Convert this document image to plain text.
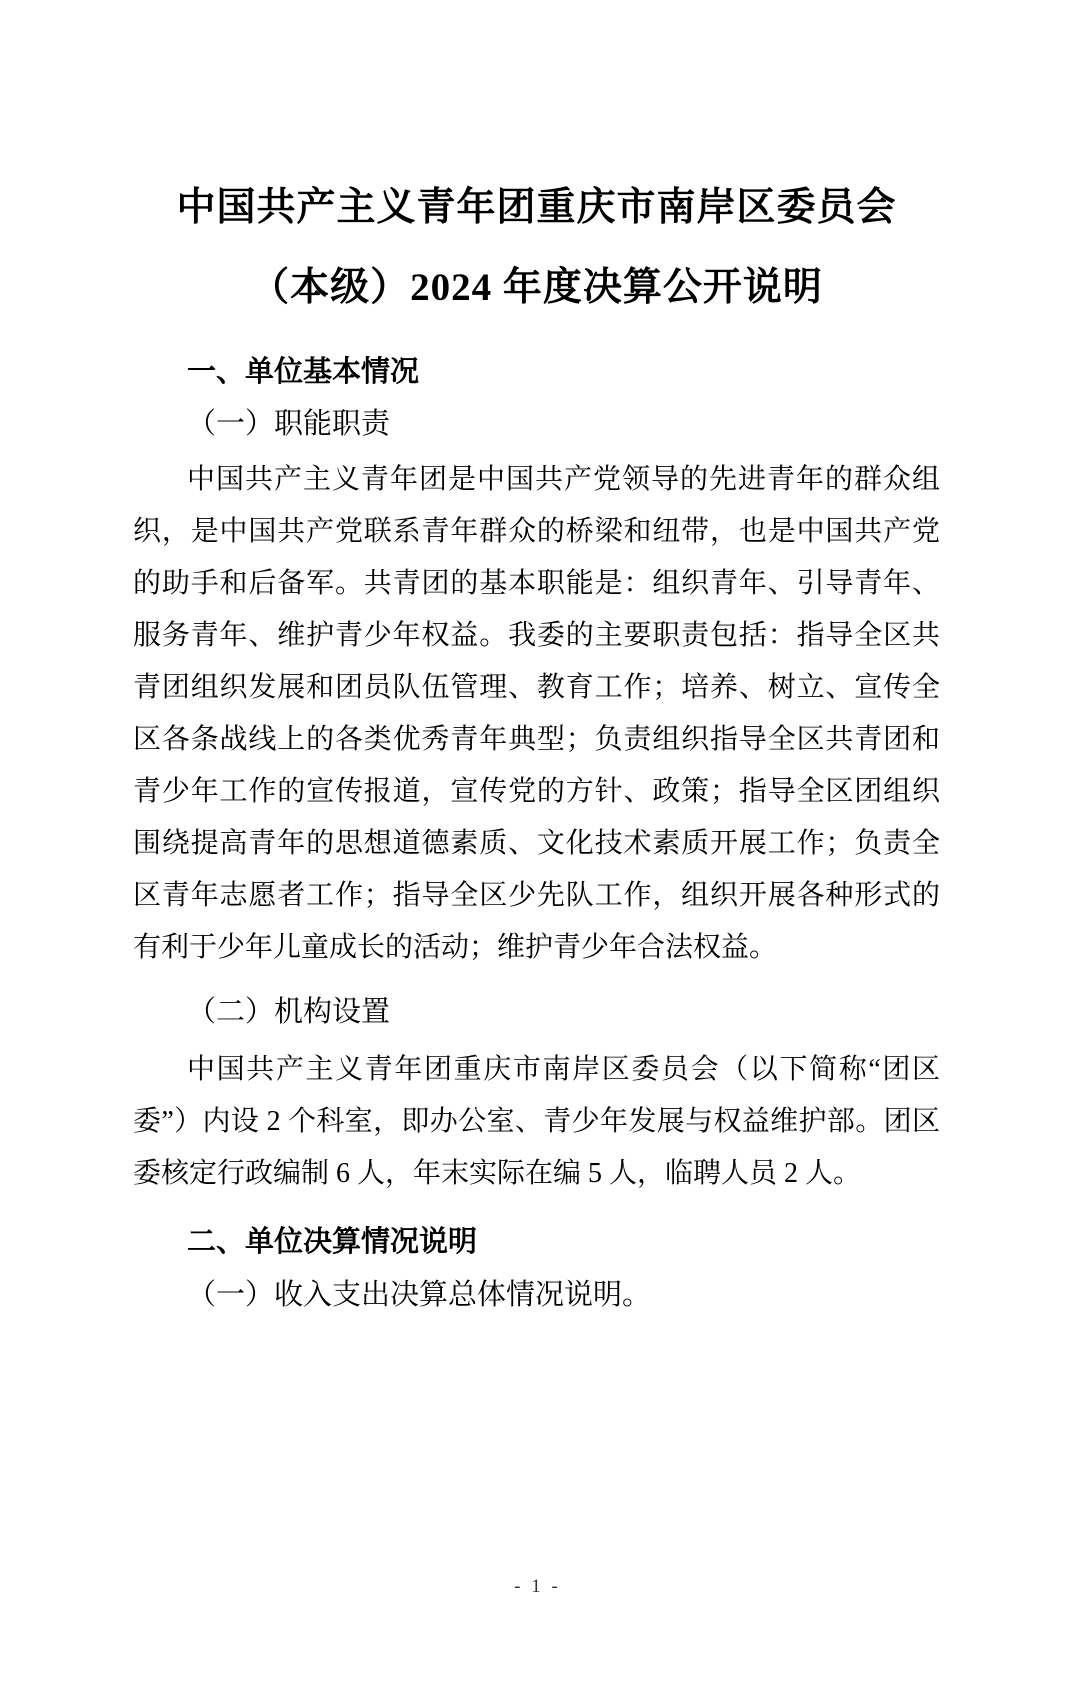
中国共产主义青年团重庆市南岸区委员会
（本级）2024 年度决算公开说明
一、单位基本情况
（一）职能职责
中国共产主义青年团是中国共产党领导的先进青年的群众组
织，是中国共产党联系青年群众的桥梁和纽带，也是中国共产党
的助手和后备军。共青团的基本职能是：组织青年、引导青年、
服务青年、维护青少年权益。我委的主要职责包括：指导全区共
青团组织发展和团员队伍管理、教育工作；培养、树立、宣传全
区各条战线上的各类优秀青年典型；负责组织指导全区共青团和
青少年工作的宣传报道，宣传党的方针、政策；指导全区团组织
围绕提高青年的思想道德素质、文化技术素质开展工作；负责全
区青年志愿者工作；指导全区少先队工作，组织开展各种形式的
有利于少年儿童成长的活动；维护青少年合法权益。
（二）机构设置
中国共产主义青年团重庆市南岸区委员会（以下简称“团区
委”）内设 2 个科室，即办公室、青少年发展与权益维护部。团区
委核定行政编制 6 人，年末实际在编 5 人，临聘人员 2 人。
二、单位决算情况说明
（一）收入支出决算总体情况说明。
- 1 -
